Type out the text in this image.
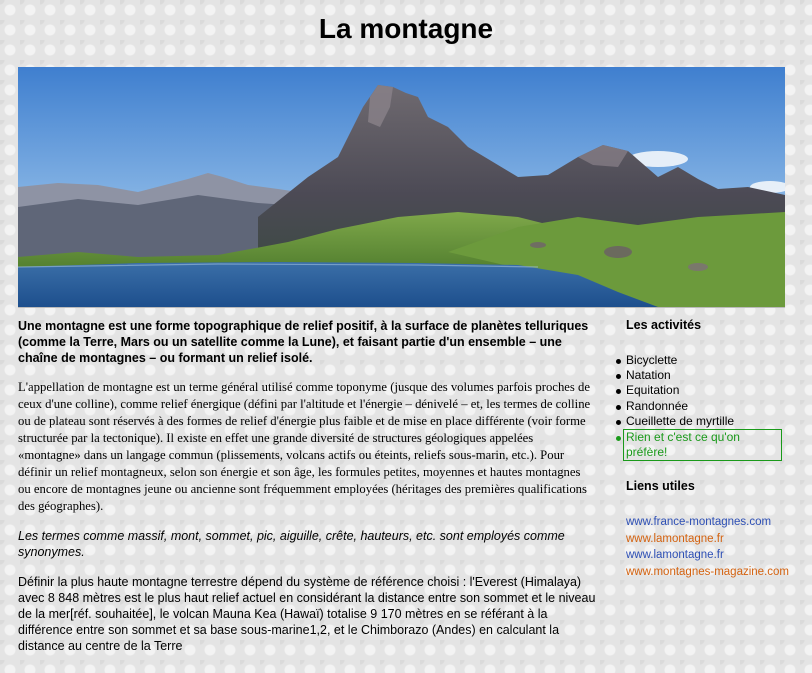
La montagne

Une montagne est une forme topographique de relief positif, à la surface de planètes telluriques (comme la Terre, Mars ou un satellite comme la Lune), et faisant partie d'un ensemble – une chaîne de montagnes – ou formant un relief isolé.

L'appellation de montagne est un terme général utilisé comme toponyme (jusque des volumes parfois proches de ceux d'une colline), comme relief énergique (défini par l'altitude et l'énergie – dénivelé – et, les termes de colline ou de plateau sont réservés à des formes de relief d'énergie plus faible et de mise en place différente (voir forme structurée par la tectonique). Il existe en effet une grande diversité de structures géologiques appelées «montagne» dans un langage commun (plissements, volcans actifs ou éteints, reliefs sous-marin, etc.). Pour définir un relief montagneux, selon son énergie et son âge, les formules petites, moyennes et hautes montagnes ou encore de montagnes jeune ou ancienne sont fréquemment employées (héritages des premières qualifications des géographes).

Les termes comme massif, mont, sommet, pic, aiguille, crête, hauteurs, etc. sont employés comme synonymes.

Définir la plus haute montagne terrestre dépend du système de référence choisi : l'Everest (Himalaya) avec 8 848 mètres est le plus haut relief actuel en considérant la distance entre son sommet et le niveau de la mer[réf. souhaitée], le volcan Mauna Kea (Hawaï) totalise 9 170 mètres en se référant à la différence entre son sommet et sa base sous-marine1,2, et le Chimborazo (Andes) en calculant la distance au centre de la Terre

Les activités
Bicyclette
Natation
Equitation
Randonnée
Cueillette de myrtille
Rien et c'est ce qu'on préfère!
Liens utiles
www.france-montagnes.com
www.lamontagne.fr
www.lamontagne.fr
www.montagnes-magazine.com
